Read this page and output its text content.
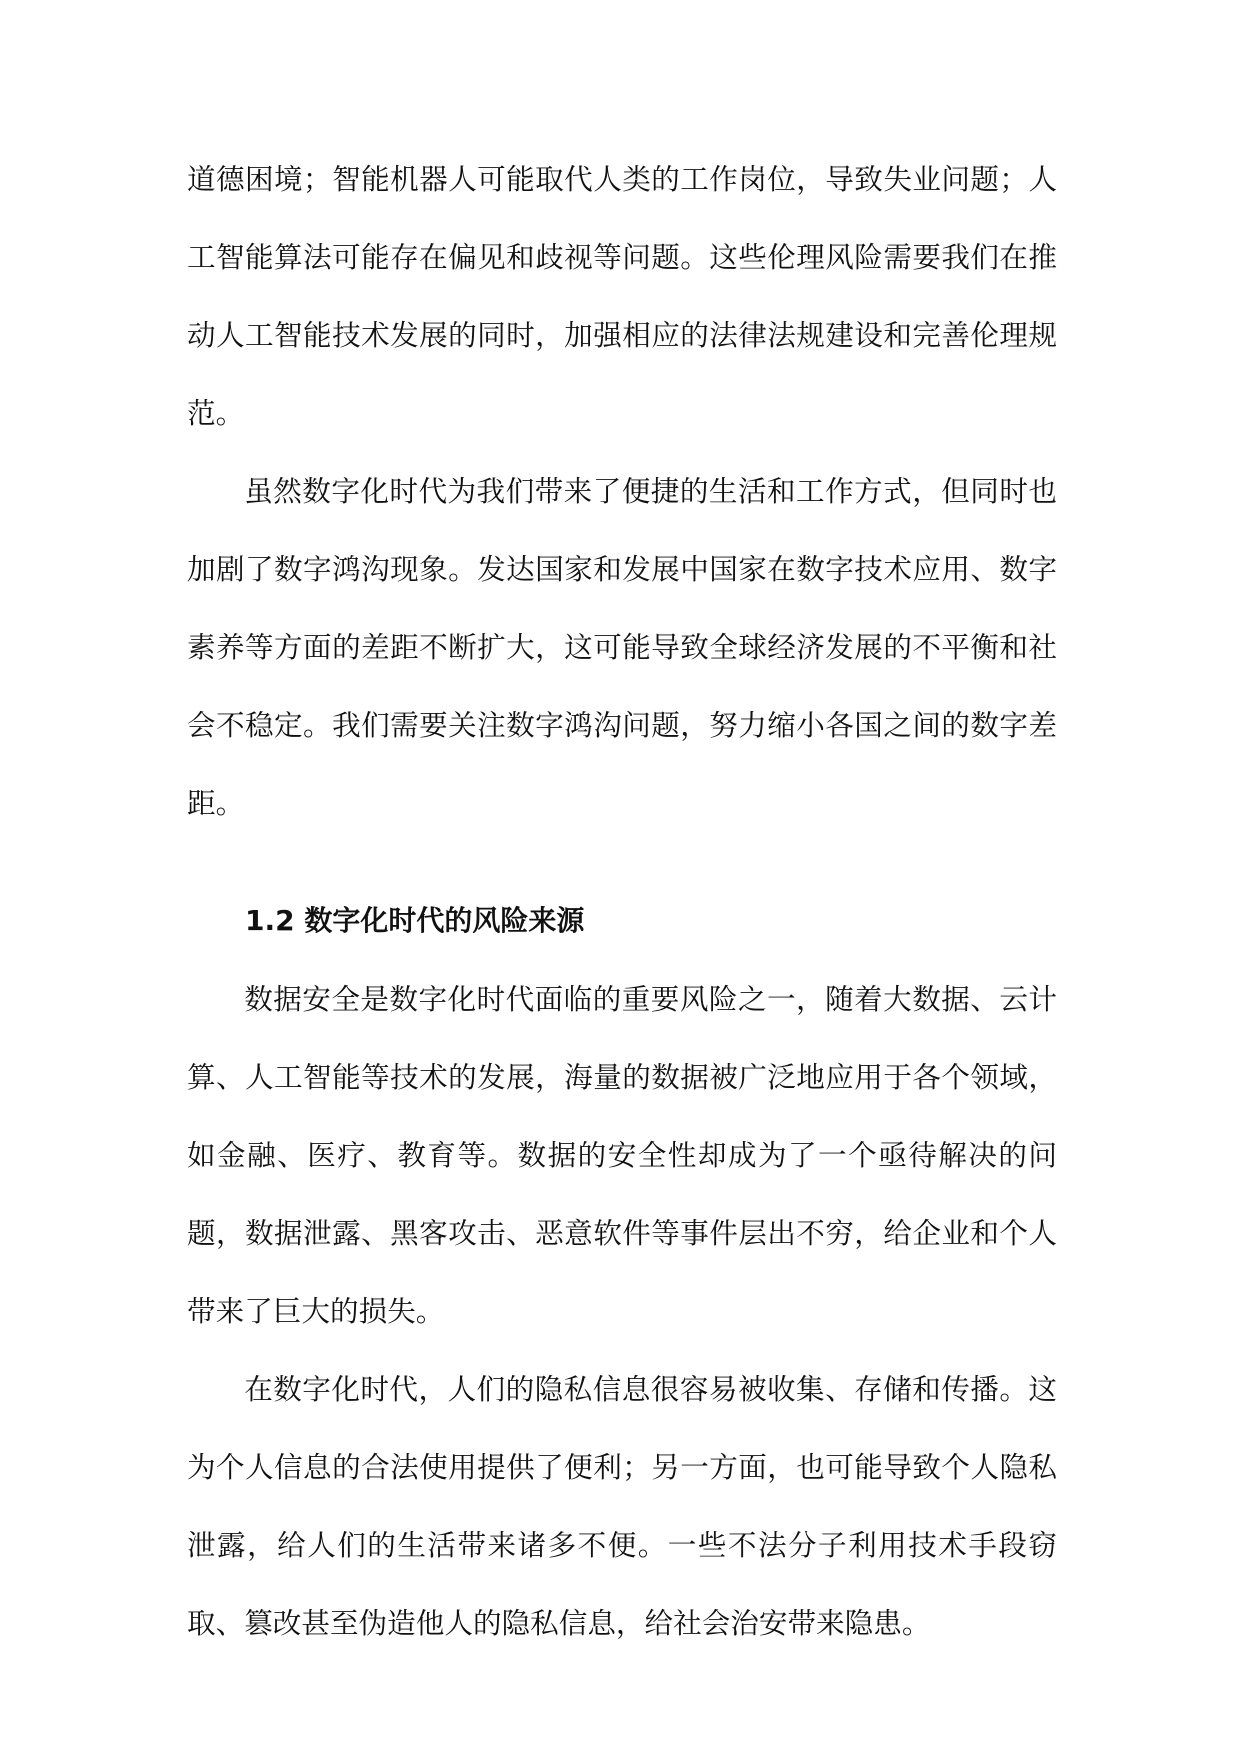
道德困境；智能机器人可能取代人类的工作岗位，导致失业问题；人工智能算法可能存在偏见和歧视等问题。这些伦理风险需要我们在推动人工智能技术发展的同时，加强相应的法律法规建设和完善伦理规范。

虽然数字化时代为我们带来了便捷的生活和工作方式，但同时也加剧了数字鸿沟现象。发达国家和发展中国家在数字技术应用、数字素养等方面的差距不断扩大，这可能导致全球经济发展的不平衡和社会不稳定。我们需要关注数字鸿沟问题，努力缩小各国之间的数字差距。

1.2 数字化时代的风险来源

数据安全是数字化时代面临的重要风险之一，随着大数据、云计算、人工智能等技术的发展，海量的数据被广泛地应用于各个领域，如金融、医疗、教育等。数据的安全性却成为了一个亟待解决的问题，数据泄露、黑客攻击、恶意软件等事件层出不穷，给企业和个人带来了巨大的损失。

在数字化时代，人们的隐私信息很容易被收集、存储和传播。这为个人信息的合法使用提供了便利；另一方面，也可能导致个人隐私泄露，给人们的生活带来诸多不便。一些不法分子利用技术手段窃取、篡改甚至伪造他人的隐私信息，给社会治安带来隐患。
